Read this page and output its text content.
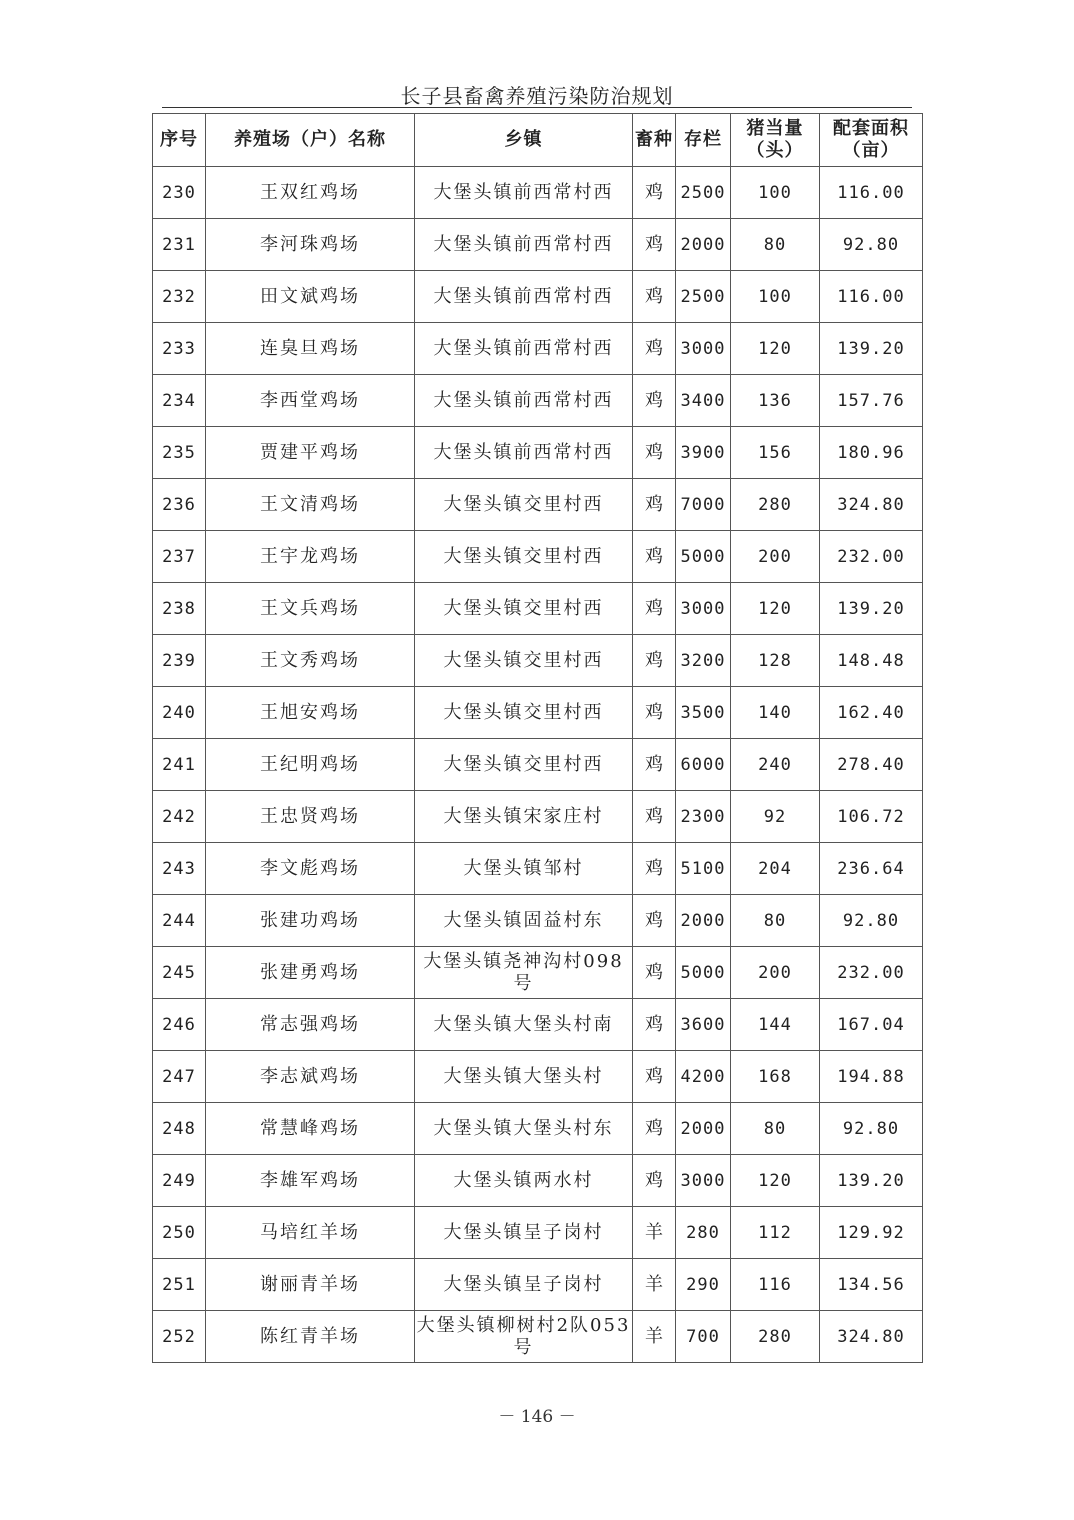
长子县畜禽养殖污染防治规划
序号	养殖场（户）名称	乡镇	畜种	存栏	猪当量（头）	配套面积（亩）
230	王双红鸡场	大堡头镇前西常村西	鸡	2500	100	116.00
231	李河珠鸡场	大堡头镇前西常村西	鸡	2000	80	92.80
232	田文斌鸡场	大堡头镇前西常村西	鸡	2500	100	116.00
233	连臭旦鸡场	大堡头镇前西常村西	鸡	3000	120	139.20
234	李西堂鸡场	大堡头镇前西常村西	鸡	3400	136	157.76
235	贾建平鸡场	大堡头镇前西常村西	鸡	3900	156	180.96
236	王文清鸡场	大堡头镇交里村西	鸡	7000	280	324.80
237	王宇龙鸡场	大堡头镇交里村西	鸡	5000	200	232.00
238	王文兵鸡场	大堡头镇交里村西	鸡	3000	120	139.20
239	王文秀鸡场	大堡头镇交里村西	鸡	3200	128	148.48
240	王旭安鸡场	大堡头镇交里村西	鸡	3500	140	162.40
241	王纪明鸡场	大堡头镇交里村西	鸡	6000	240	278.40
242	王忠贤鸡场	大堡头镇宋家庄村	鸡	2300	92	106.72
243	李文彪鸡场	大堡头镇邹村	鸡	5100	204	236.64
244	张建功鸡场	大堡头镇固益村东	鸡	2000	80	92.80
245	张建勇鸡场	大堡头镇尧神沟村098号	鸡	5000	200	232.00
246	常志强鸡场	大堡头镇大堡头村南	鸡	3600	144	167.04
247	李志斌鸡场	大堡头镇大堡头村	鸡	4200	168	194.88
248	常慧峰鸡场	大堡头镇大堡头村东	鸡	2000	80	92.80
249	李雄军鸡场	大堡头镇两水村	鸡	3000	120	139.20
250	马培红羊场	大堡头镇呈子岗村	羊	280	112	129.92
251	谢丽青羊场	大堡头镇呈子岗村	羊	290	116	134.56
252	陈红青羊场	大堡头镇柳树村2队053号	羊	700	280	324.80
－ 146 －
